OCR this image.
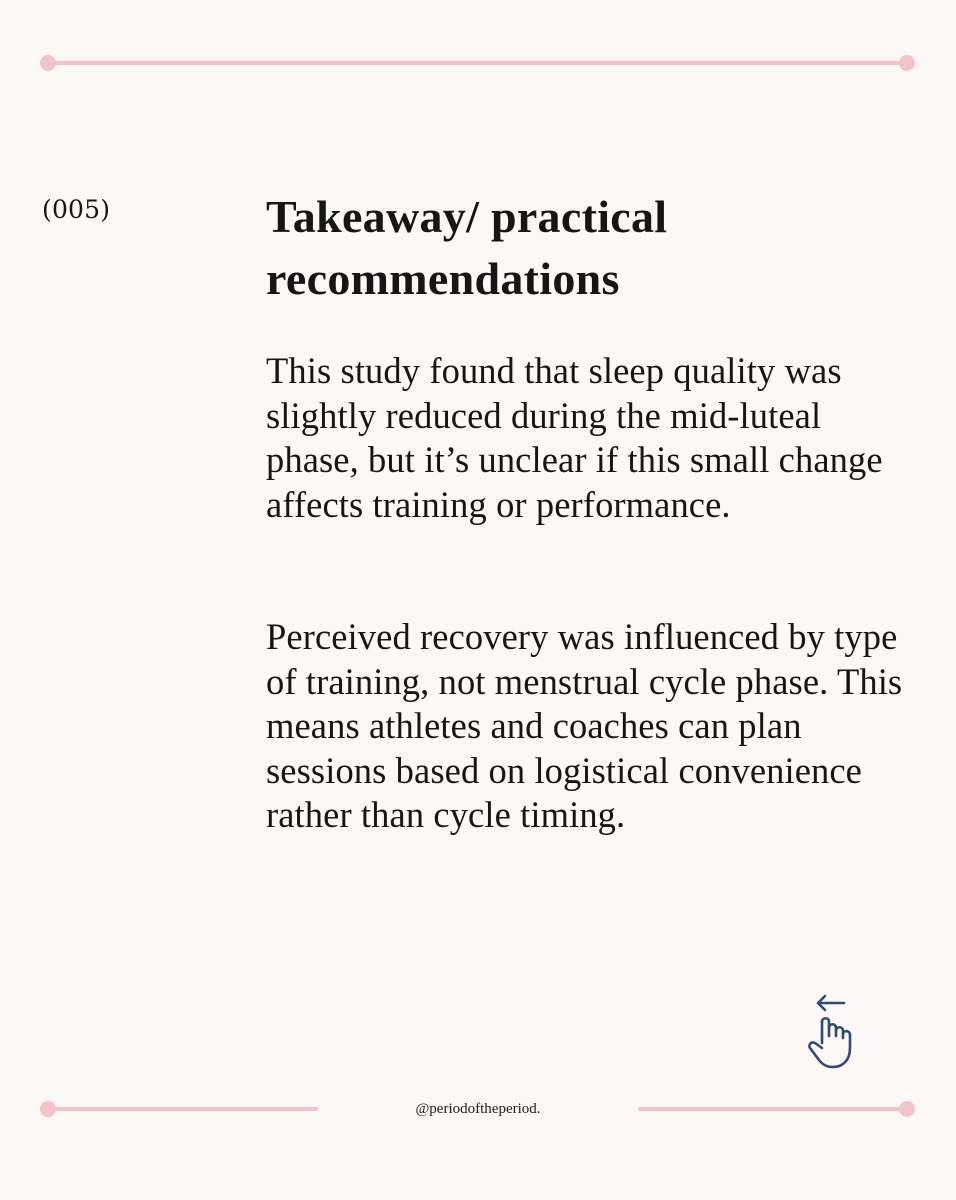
(005)	Takeaway/ practical
recommendations

This study found that sleep quality was slightly reduced during the mid-luteal phase, but it’s unclear if this small change affects training or performance.

Perceived recovery was influenced by type of training, not menstrual cycle phase. This means athletes and coaches can plan sessions based on logistical convenience rather than cycle timing.

@periodoftheperiod.
